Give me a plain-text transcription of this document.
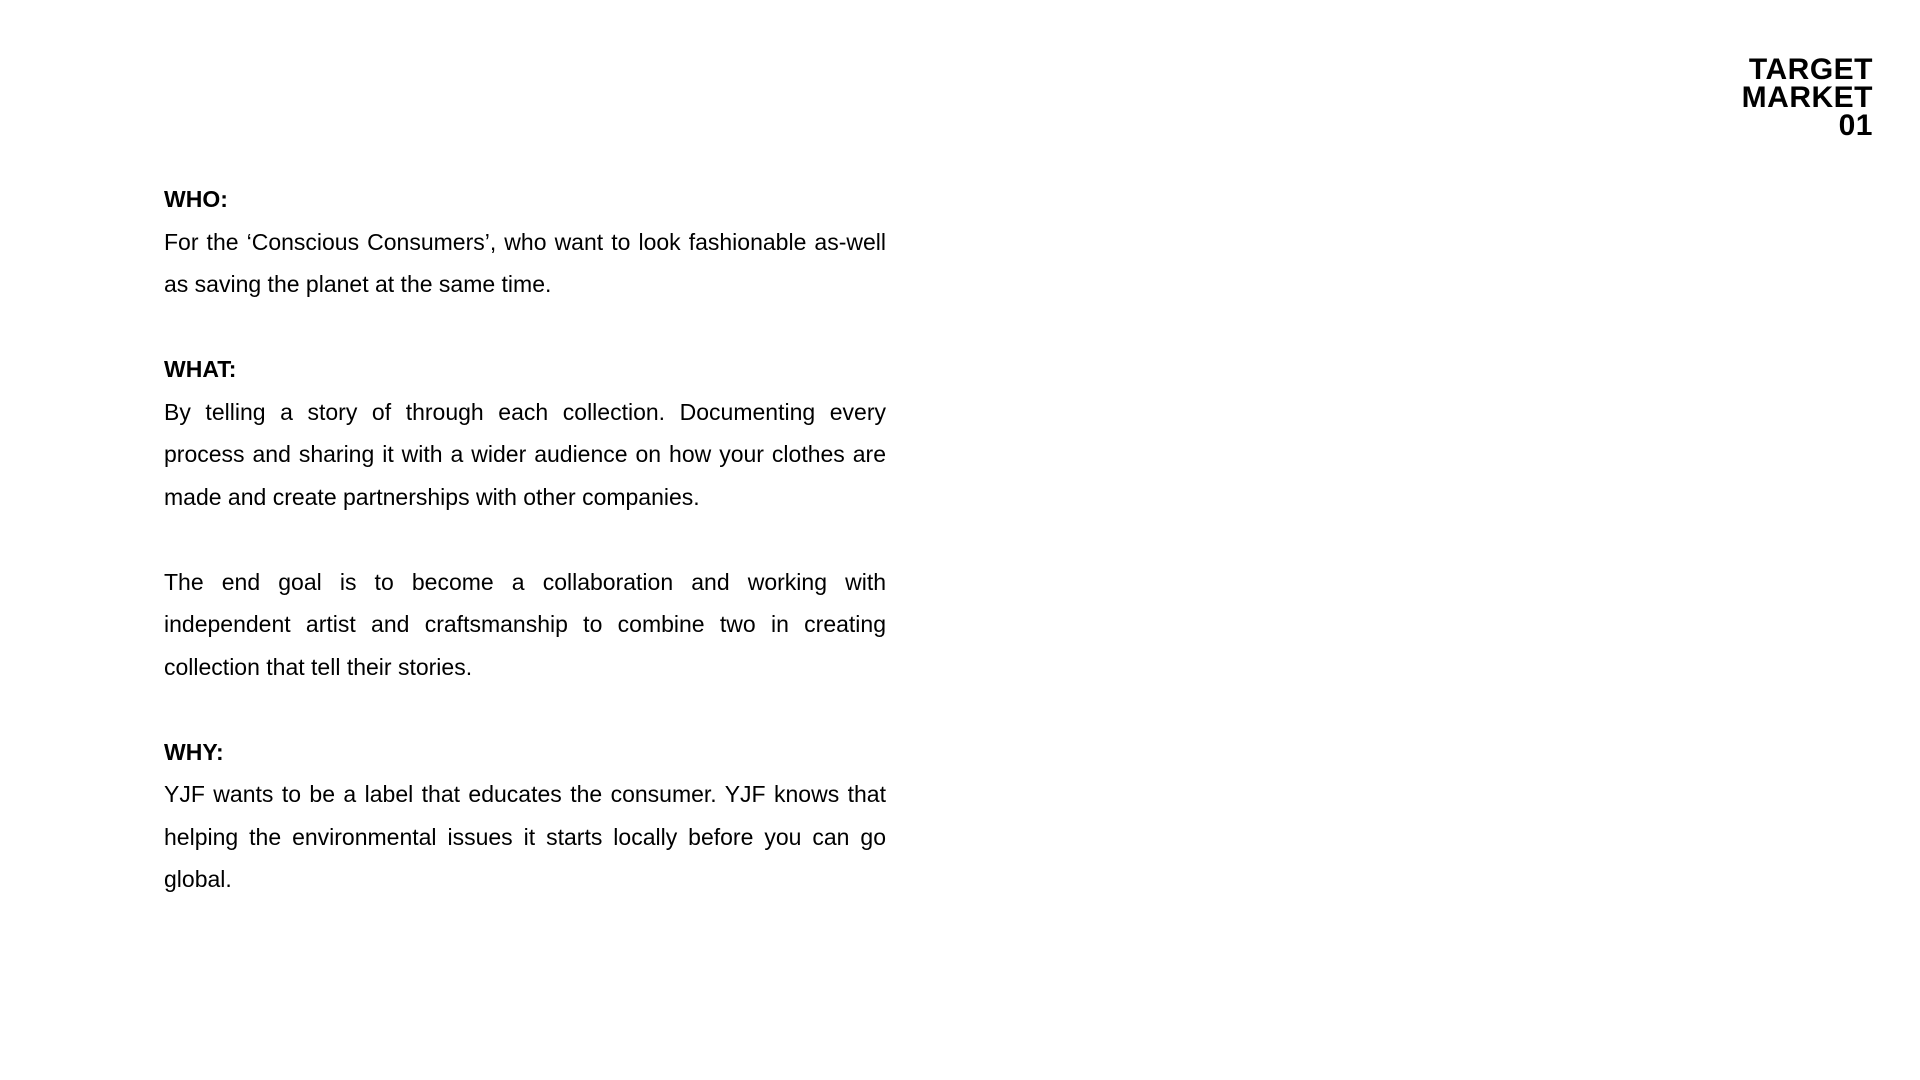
TARGET
MARKET
01

WHO:

For the ‘Conscious Consumers’, who want to look fashionable as-well as saving the planet at the same time.

WHAT:

By telling a story of through each collection. Documenting every process and sharing it with a wider audience on how your clothes are made and create partnerships with other companies.

The end goal is to become a collaboration and working with independent artist and craftsmanship to combine two in creating collection that tell their stories.

WHY:

YJF wants to be a label that educates the consumer. YJF knows that helping the environmental issues it starts locally before you can go global.
